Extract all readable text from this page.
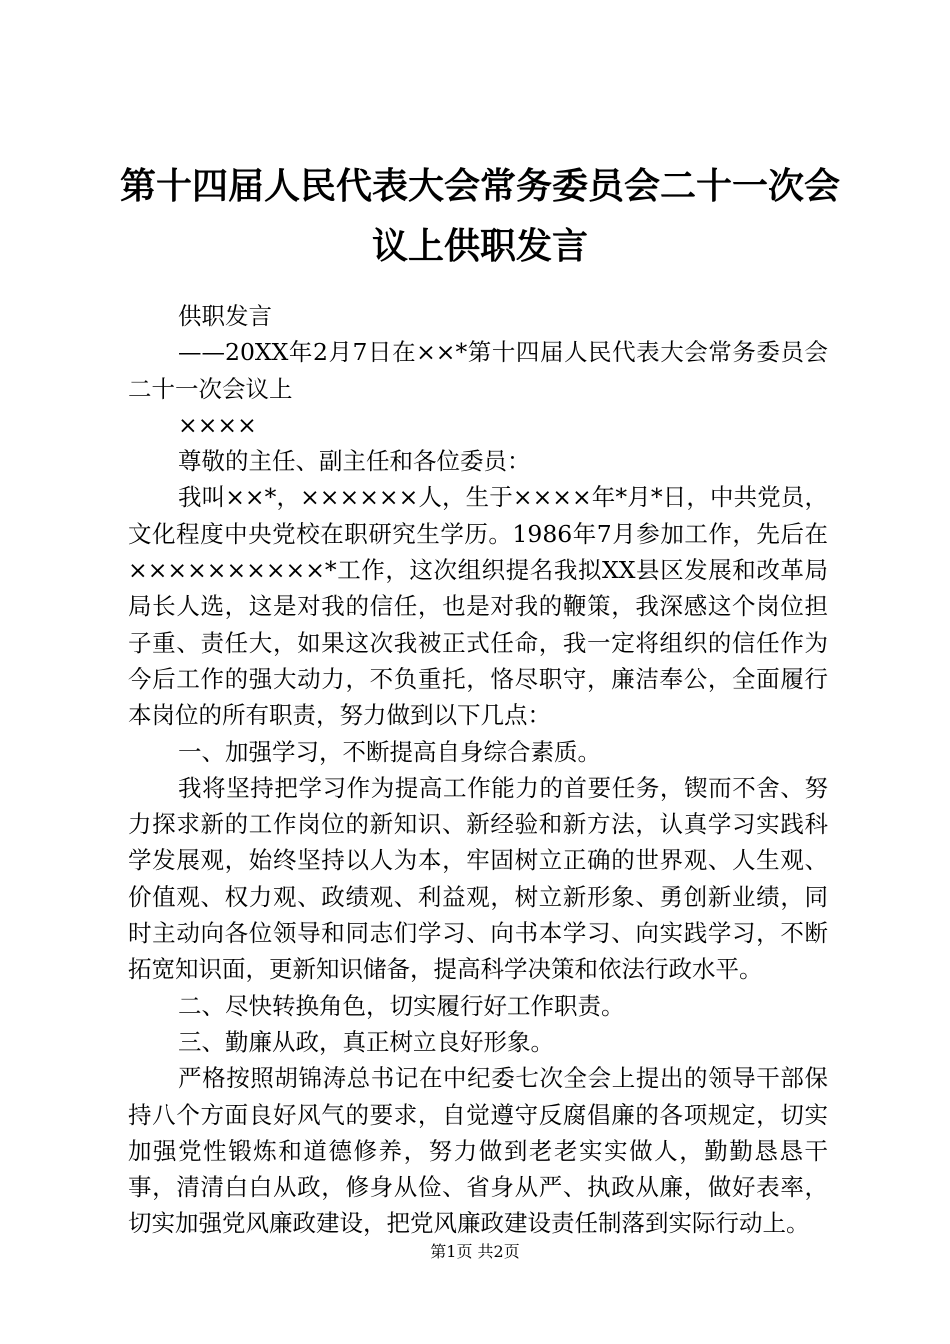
第十四届人民代表大会常务委员会二十一次会
议上供职发言

供职发言

——20XX年2月7日在××*第十四届人民代表大会常务委员会二十一次会议上

××××

尊敬的主任、副主任和各位委员：

我叫××*，××××××人，生于××××年*月*日，中共党员，文化程度中央党校在职研究生学历。1986年7月参加工作，先后在××××××××××*工作，这次组织提名我拟XX县区发展和改革局局长人选，这是对我的信任，也是对我的鞭策，我深感这个岗位担子重、责任大，如果这次我被正式任命，我一定将组织的信任作为今后工作的强大动力，不负重托，恪尽职守，廉洁奉公，全面履行本岗位的所有职责，努力做到以下几点：

一、加强学习，不断提高自身综合素质。

我将坚持把学习作为提高工作能力的首要任务，锲而不舍、努力探求新的工作岗位的新知识、新经验和新方法，认真学习实践科学发展观，始终坚持以人为本，牢固树立正确的世界观、人生观、价值观、权力观、政绩观、利益观，树立新形象、勇创新业绩，同时主动向各位领导和同志们学习、向书本学习、向实践学习，不断拓宽知识面，更新知识储备，提高科学决策和依法行政水平。

二、尽快转换角色，切实履行好工作职责。

三、勤廉从政，真正树立良好形象。

严格按照胡锦涛总书记在中纪委七次全会上提出的领导干部保持八个方面良好风气的要求，自觉遵守反腐倡廉的各项规定，切实加强党性锻炼和道德修养，努力做到老老实实做人，勤勤恳恳干事，清清白白从政，修身从俭、省身从严、执政从廉，做好表率，切实加强党风廉政建设，把党风廉政建设责任制落到实际行动上。

第1页 共2页
